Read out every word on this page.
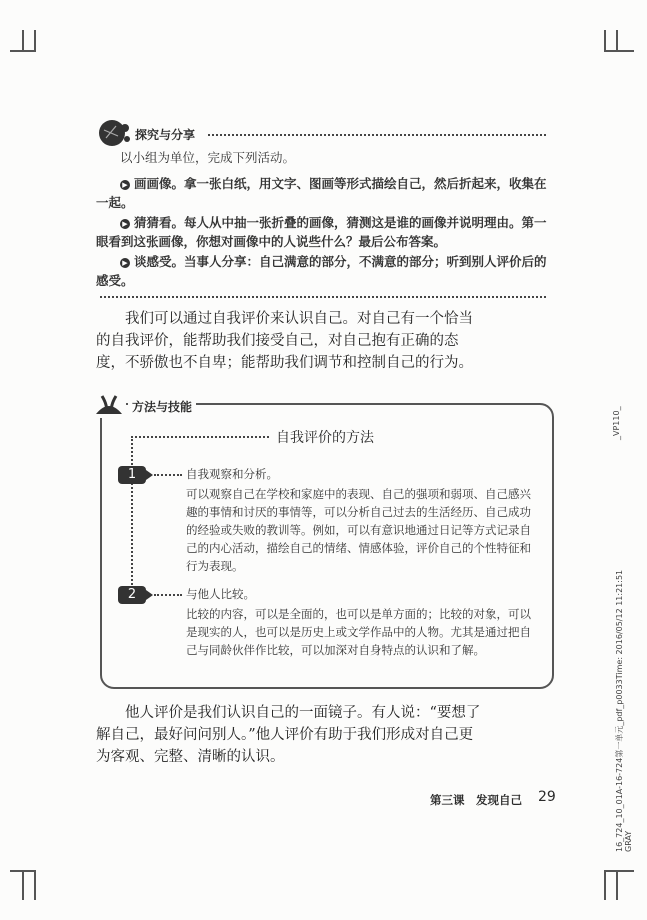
探究与分享

以小组为单位，完成下列活动。

▶ 画画像。拿一张白纸，用文字、图画等形式描绘自己，然后折起来，收集在一起。

▶ 猜猜看。每人从中抽一张折叠的画像，猜测这是谁的画像并说明理由。第一眼看到这张画像，你想对画像中的人说些什么？最后公布答案。

▶ 谈感受。当事人分享：自己满意的部分，不满意的部分；听到别人评价后的感受。

我们可以通过自我评价来认识自己。对自己有一个恰当的自我评价，能帮助我们接受自己，对自己抱有正确的态度，不骄傲也不自卑；能帮助我们调节和控制自己的行为。
方法与技能
自我评价的方法
1	自我观察和分析。
可以观察自己在学校和家庭中的表现、自己的强项和弱项、自己感兴趣的事情和讨厌的事情等，可以分析自己过去的生活经历、自己成功的经验或失败的教训等。例如，可以有意识地通过日记等方式记录自己的内心活动，描绘自己的情绪、情感体验，评价自己的个性特征和行为表现。
2	与他人比较。
比较的内容，可以是全面的，也可以是单方面的；比较的对象，可以是现实的人，也可以是历史上或文学作品中的人物。尤其是通过把自己与同龄伙伴作比较，可以加深对自身特点的认识和了解。
他人评价是我们认识自己的一面镜子。有人说：“要想了解自己，最好问问别人。”他人评价有助于我们形成对自己更为客观、完整、清晰的认识。
第三课　发现自己 29
_VP110_
16_724_10_01A-16-724第一单元_pdf_p0033Time: 2016/05/12 11:21:51 GRAY
